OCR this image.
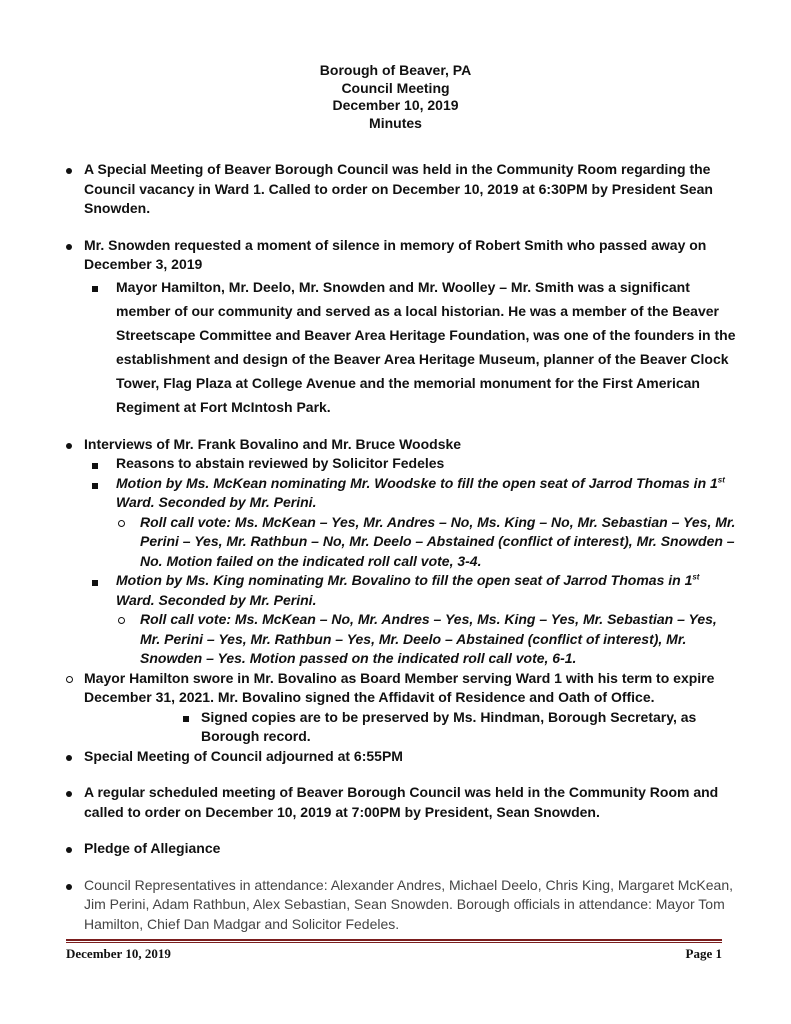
Borough of Beaver, PA
Council Meeting
December 10, 2019
Minutes
A Special Meeting of Beaver Borough Council was held in the Community Room regarding the Council vacancy in Ward 1. Called to order on December 10, 2019 at 6:30PM by President Sean Snowden.
Mr. Snowden requested a moment of silence in memory of Robert Smith who passed away on December 3, 2019
Mayor Hamilton, Mr. Deelo, Mr. Snowden and Mr. Woolley – Mr. Smith was a significant member of our community and served as a local historian. He was a member of the Beaver Streetscape Committee and Beaver Area Heritage Foundation, was one of the founders in the establishment and design of the Beaver Area Heritage Museum, planner of the Beaver Clock Tower, Flag Plaza at College Avenue and the memorial monument for the First American Regiment at Fort McIntosh Park.
Interviews of Mr. Frank Bovalino and Mr. Bruce Woodske
Reasons to abstain reviewed by Solicitor Fedeles
Motion by Ms. McKean nominating Mr. Woodske to fill the open seat of Jarrod Thomas in 1st Ward. Seconded by Mr. Perini.
Roll call vote: Ms. McKean – Yes, Mr. Andres – No, Ms. King – No, Mr. Sebastian – Yes, Mr. Perini – Yes, Mr. Rathbun – No, Mr. Deelo – Abstained (conflict of interest), Mr. Snowden – No. Motion failed on the indicated roll call vote, 3-4.
Motion by Ms. King nominating Mr. Bovalino to fill the open seat of Jarrod Thomas in 1st Ward. Seconded by Mr. Perini.
Roll call vote: Ms. McKean – No, Mr. Andres – Yes, Ms. King – Yes, Mr. Sebastian – Yes, Mr. Perini – Yes, Mr. Rathbun – Yes, Mr. Deelo – Abstained (conflict of interest), Mr. Snowden – Yes. Motion passed on the indicated roll call vote, 6-1.
Mayor Hamilton swore in Mr. Bovalino as Board Member serving Ward 1 with his term to expire December 31, 2021. Mr. Bovalino signed the Affidavit of Residence and Oath of Office.
Signed copies are to be preserved by Ms. Hindman, Borough Secretary, as Borough record.
Special Meeting of Council adjourned at 6:55PM
A regular scheduled meeting of Beaver Borough Council was held in the Community Room and called to order on December 10, 2019 at 7:00PM by President, Sean Snowden.
Pledge of Allegiance
Council Representatives in attendance: Alexander Andres, Michael Deelo, Chris King, Margaret McKean, Jim Perini, Adam Rathbun, Alex Sebastian, Sean Snowden. Borough officials in attendance: Mayor Tom Hamilton, Chief Dan Madgar and Solicitor Fedeles.
December 10, 2019	Page 1
